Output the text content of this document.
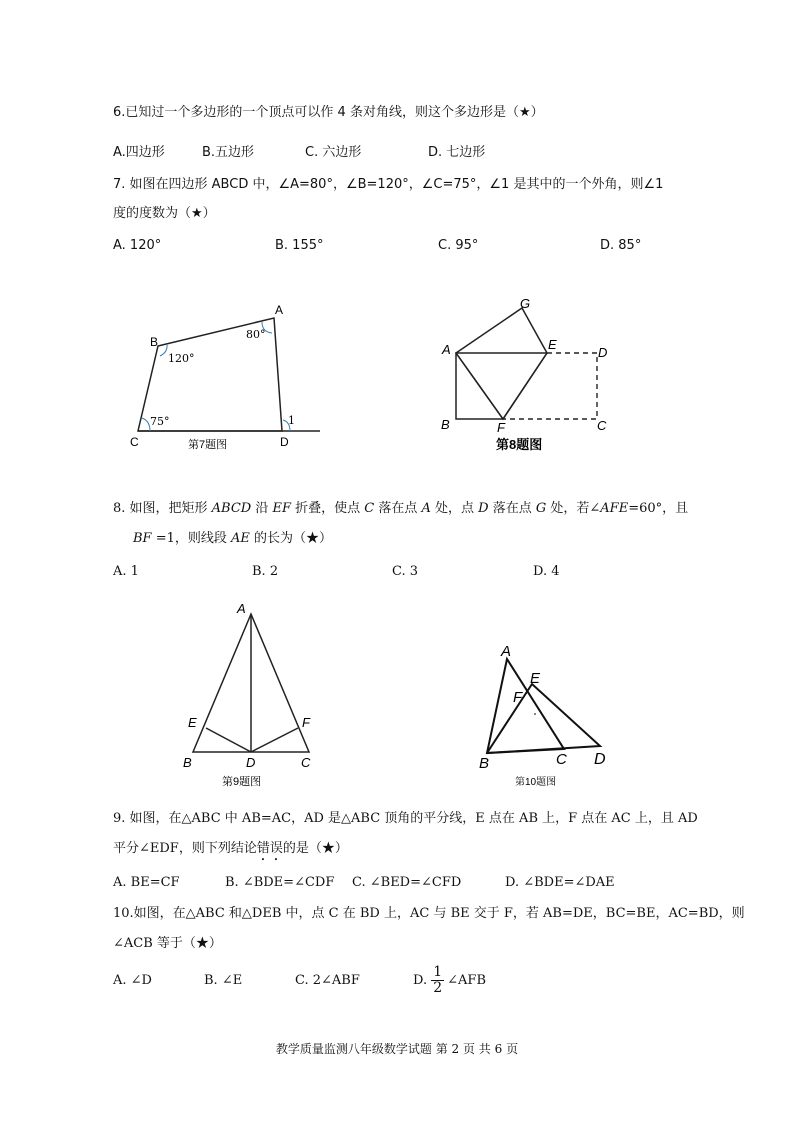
6.已知过一个多边形的一个顶点可以作 4 条对角线，则这个多边形是（★）
A.四边形	B.五边形	C. 六边形	D. 七边形
7. 如图在四边形 ABCD 中，∠A=80°，∠B=120°，∠C=75°，∠1 是其中的一个外角，则∠1
度的度数为（★）
A. 120°	B. 155°	C. 95°	D. 85°
A
B
C	D
80°
120°
75°	1
第7题图
A
B	C
D
E
F
G
第8题图
8. 如图，把矩形 ABCD 沿 EF 折叠，使点 C 落在点 A 处，点 D 落在点 G 处，若∠AFE=60°，且
BF =1，则线段 AE 的长为（★）
A. 1	B. 2	C. 3	D. 4
A
B	C
D
E	F
第9题图
A
B	C D
E
F
第10题图
9. 如图，在△ABC 中 AB=AC，AD 是△ABC 顶角的平分线，E 点在 AB 上，F 点在 AC 上，且 AD
平分∠EDF，则下列结论错误的是（★）
A. BE=CF	B. ∠BDE=∠CDF C. ∠BED=∠CFD	D. ∠BDE=∠DAE
10.如图，在△ABC 和△DEB 中，点 C 在 BD 上，AC 与 BE 交于 F，若 AB=DE，BC=BE，AC=BD，则
∠ACB 等于（★）
A. ∠D	B. ∠E	C. 2∠ABF	D. $\frac{1}{2}$ ∠AFB
教学质量监测八年级数学试题 第 2 页 共 6 页
